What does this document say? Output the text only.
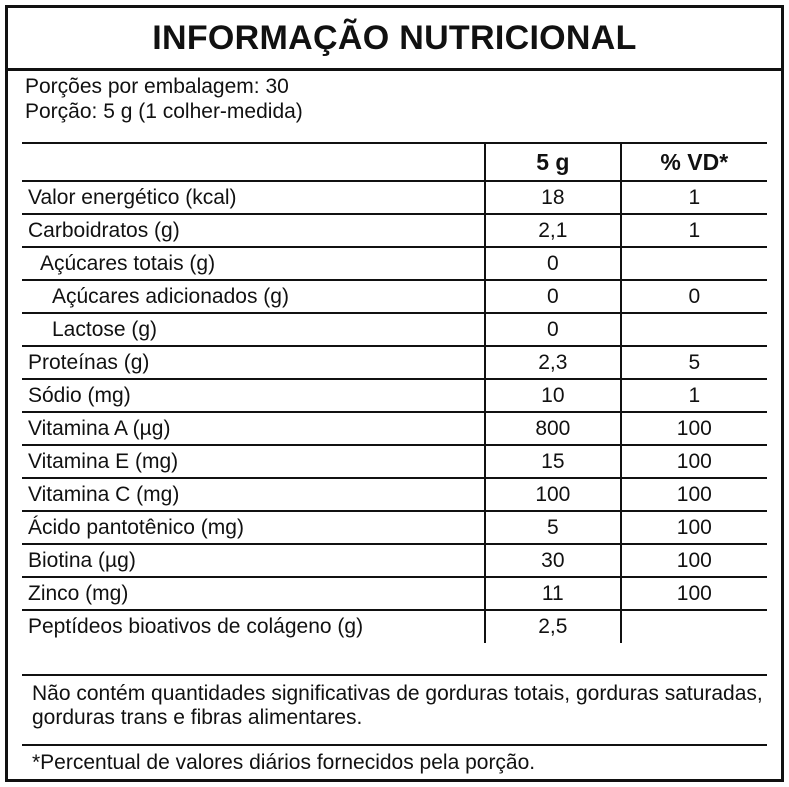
INFORMAÇÃO NUTRICIONAL
Porções por embalagem: 30
Porção: 5 g (1 colher-medida)
	5 g	% VD*
Valor energético (kcal)	18	1
Carboidratos (g)	2,1	1
Açúcares totais (g)	0	
Açúcares adicionados (g)	0	0
Lactose (g)	0	
Proteínas (g)	2,3	5
Sódio (mg)	10	1
Vitamina A (µg)	800	100
Vitamina E (mg)	15	100
Vitamina C (mg)	100	100
Ácido pantotênico (mg)	5	100
Biotina (µg)	30	100
Zinco (mg)	11	100
Peptídeos bioativos de colágeno (g)	2,5	
Não contém quantidades significativas de gorduras totais, gorduras saturadas, gorduras trans e fibras alimentares.
*Percentual de valores diários fornecidos pela porção.
